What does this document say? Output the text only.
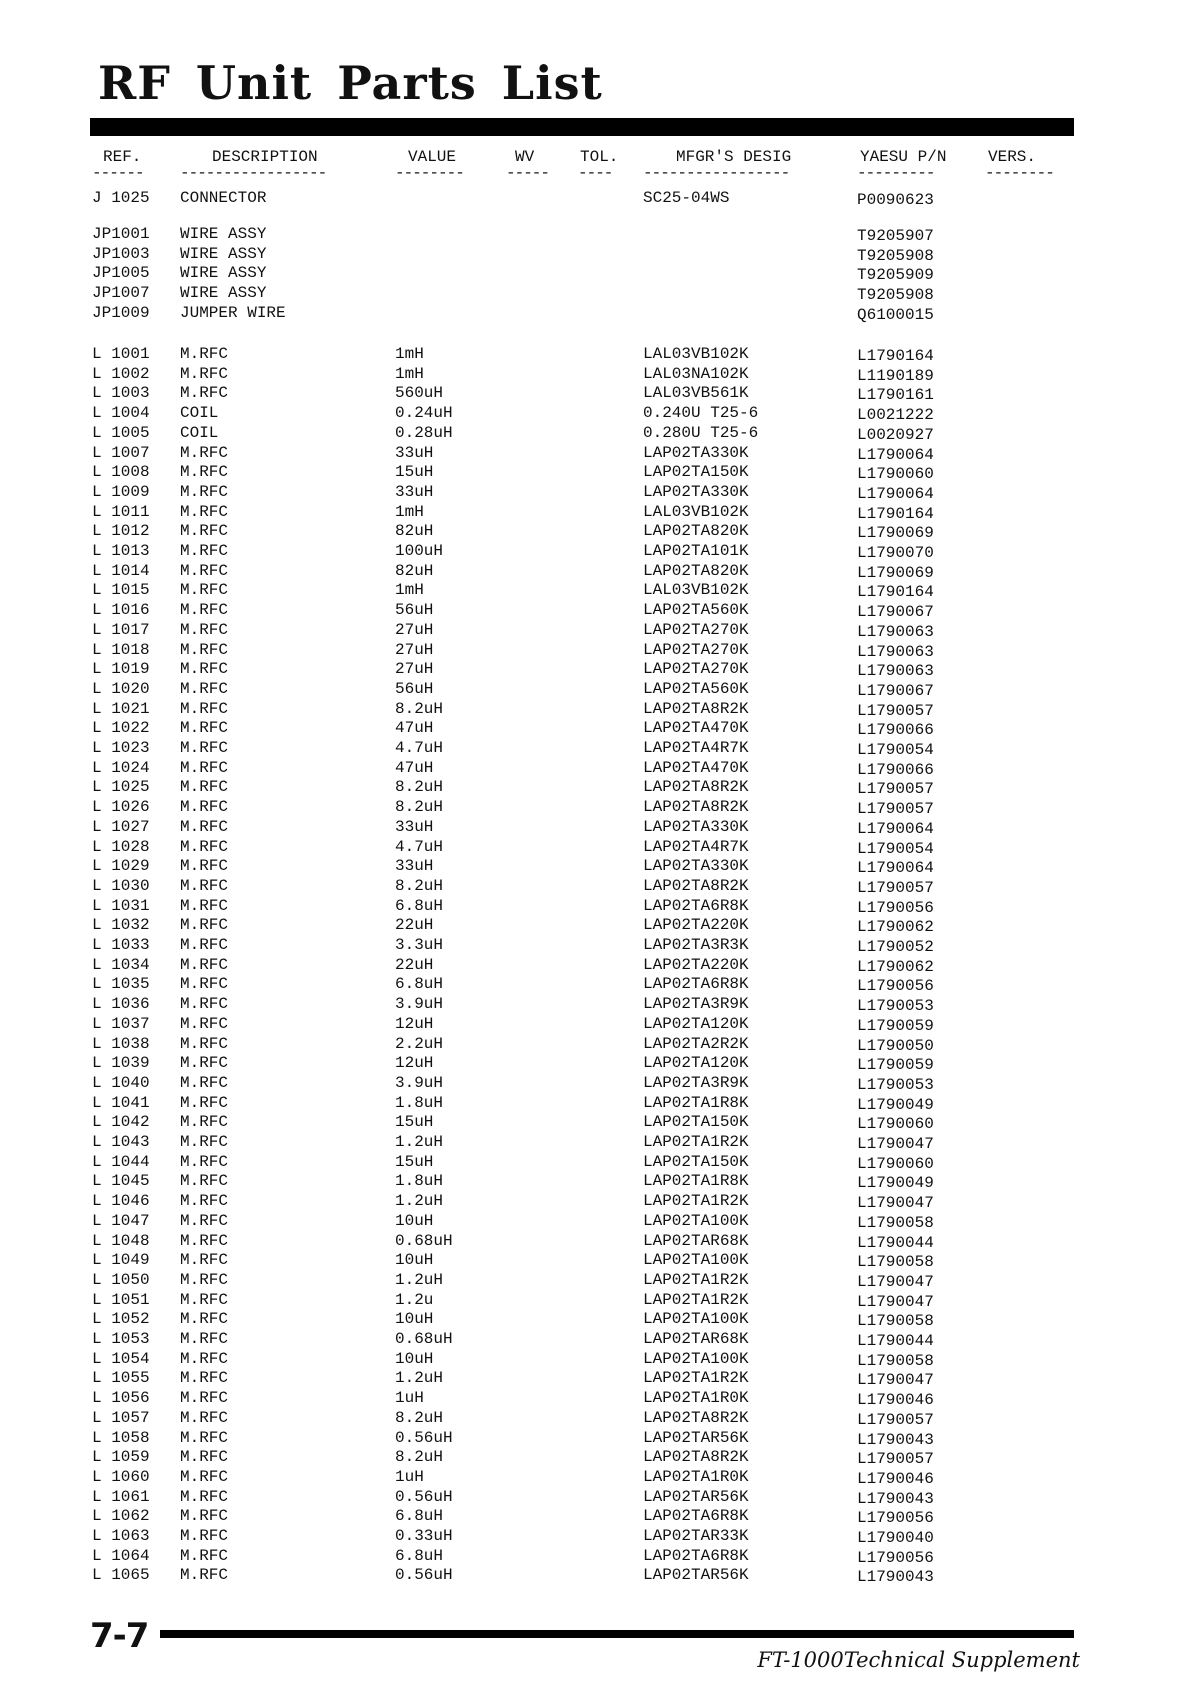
RF Unit Parts List
REF.	DESCRIPTION	VALUE	WV	TOL.	MFGR'S DESIG	YAESU P/N	VERS.
------ -----------------	--------	----- ---- -----------------	---------	--------
J 1025 CONNECTOR	SC25-04WS	P0090623
JP1001 WIRE ASSY	T9205907
JP1003 WIRE ASSY	T9205908
JP1005 WIRE ASSY	T9205909
JP1007 WIRE ASSY	T9205908
JP1009 JUMPER WIRE	Q6100015
L 1001 M.RFC	1mH	LAL03VB102K	L1790164
L 1002 M.RFC	1mH	LAL03NA102K	L1190189
L 1003 M.RFC	560uH	LAL03VB561K	L1790161
L 1004 COIL	0.24uH	0.240U T25-6	L0021222
L 1005 COIL	0.28uH	0.280U T25-6	L0020927
L 1007 M.RFC	33uH	LAP02TA330K	L1790064
L 1008 M.RFC	15uH	LAP02TA150K	L1790060
L 1009 M.RFC	33uH	LAP02TA330K	L1790064
L 1011 M.RFC	1mH	LAL03VB102K	L1790164
L 1012 M.RFC	82uH	LAP02TA820K	L1790069
L 1013 M.RFC	100uH	LAP02TA101K	L1790070
L 1014 M.RFC	82uH	LAP02TA820K	L1790069
L 1015 M.RFC	1mH	LAL03VB102K	L1790164
L 1016 M.RFC	56uH	LAP02TA560K	L1790067
L 1017 M.RFC	27uH	LAP02TA270K	L1790063
L 1018 M.RFC	27uH	LAP02TA270K	L1790063
L 1019 M.RFC	27uH	LAP02TA270K	L1790063
L 1020 M.RFC	56uH	LAP02TA560K	L1790067
L 1021 M.RFC	8.2uH	LAP02TA8R2K	L1790057
L 1022 M.RFC	47uH	LAP02TA470K	L1790066
L 1023 M.RFC	4.7uH	LAP02TA4R7K	L1790054
L 1024 M.RFC	47uH	LAP02TA470K	L1790066
L 1025 M.RFC	8.2uH	LAP02TA8R2K	L1790057
L 1026 M.RFC	8.2uH	LAP02TA8R2K	L1790057
L 1027 M.RFC	33uH	LAP02TA330K	L1790064
L 1028 M.RFC	4.7uH	LAP02TA4R7K	L1790054
L 1029 M.RFC	33uH	LAP02TA330K	L1790064
L 1030 M.RFC	8.2uH	LAP02TA8R2K	L1790057
L 1031 M.RFC	6.8uH	LAP02TA6R8K	L1790056
L 1032 M.RFC	22uH	LAP02TA220K	L1790062
L 1033 M.RFC	3.3uH	LAP02TA3R3K	L1790052
L 1034 M.RFC	22uH	LAP02TA220K	L1790062
L 1035 M.RFC	6.8uH	LAP02TA6R8K	L1790056
L 1036 M.RFC	3.9uH	LAP02TA3R9K	L1790053
L 1037 M.RFC	12uH	LAP02TA120K	L1790059
L 1038 M.RFC	2.2uH	LAP02TA2R2K	L1790050
L 1039 M.RFC	12uH	LAP02TA120K	L1790059
L 1040 M.RFC	3.9uH	LAP02TA3R9K	L1790053
L 1041 M.RFC	1.8uH	LAP02TA1R8K	L1790049
L 1042 M.RFC	15uH	LAP02TA150K	L1790060
L 1043 M.RFC	1.2uH	LAP02TA1R2K	L1790047
L 1044 M.RFC	15uH	LAP02TA150K	L1790060
L 1045 M.RFC	1.8uH	LAP02TA1R8K	L1790049
L 1046 M.RFC	1.2uH	LAP02TA1R2K	L1790047
L 1047 M.RFC	10uH	LAP02TA100K	L1790058
L 1048 M.RFC	0.68uH	LAP02TAR68K	L1790044
L 1049 M.RFC	10uH	LAP02TA100K	L1790058
L 1050 M.RFC	1.2uH	LAP02TA1R2K	L1790047
L 1051 M.RFC	1.2u	LAP02TA1R2K	L1790047
L 1052 M.RFC	10uH	LAP02TA100K	L1790058
L 1053 M.RFC	0.68uH	LAP02TAR68K	L1790044
L 1054 M.RFC	10uH	LAP02TA100K	L1790058
L 1055 M.RFC	1.2uH	LAP02TA1R2K	L1790047
L 1056 M.RFC	1uH	LAP02TA1R0K	L1790046
L 1057 M.RFC	8.2uH	LAP02TA8R2K	L1790057
L 1058 M.RFC	0.56uH	LAP02TAR56K	L1790043
L 1059 M.RFC	8.2uH	LAP02TA8R2K	L1790057
L 1060 M.RFC	1uH	LAP02TA1R0K	L1790046
L 1061 M.RFC	0.56uH	LAP02TAR56K	L1790043
L 1062 M.RFC	6.8uH	LAP02TA6R8K	L1790056
L 1063 M.RFC	0.33uH	LAP02TAR33K	L1790040
L 1064 M.RFC	6.8uH	LAP02TA6R8K	L1790056
L 1065 M.RFC	0.56uH	LAP02TAR56K	L1790043
7-7
FT-1000Technical Supplement
